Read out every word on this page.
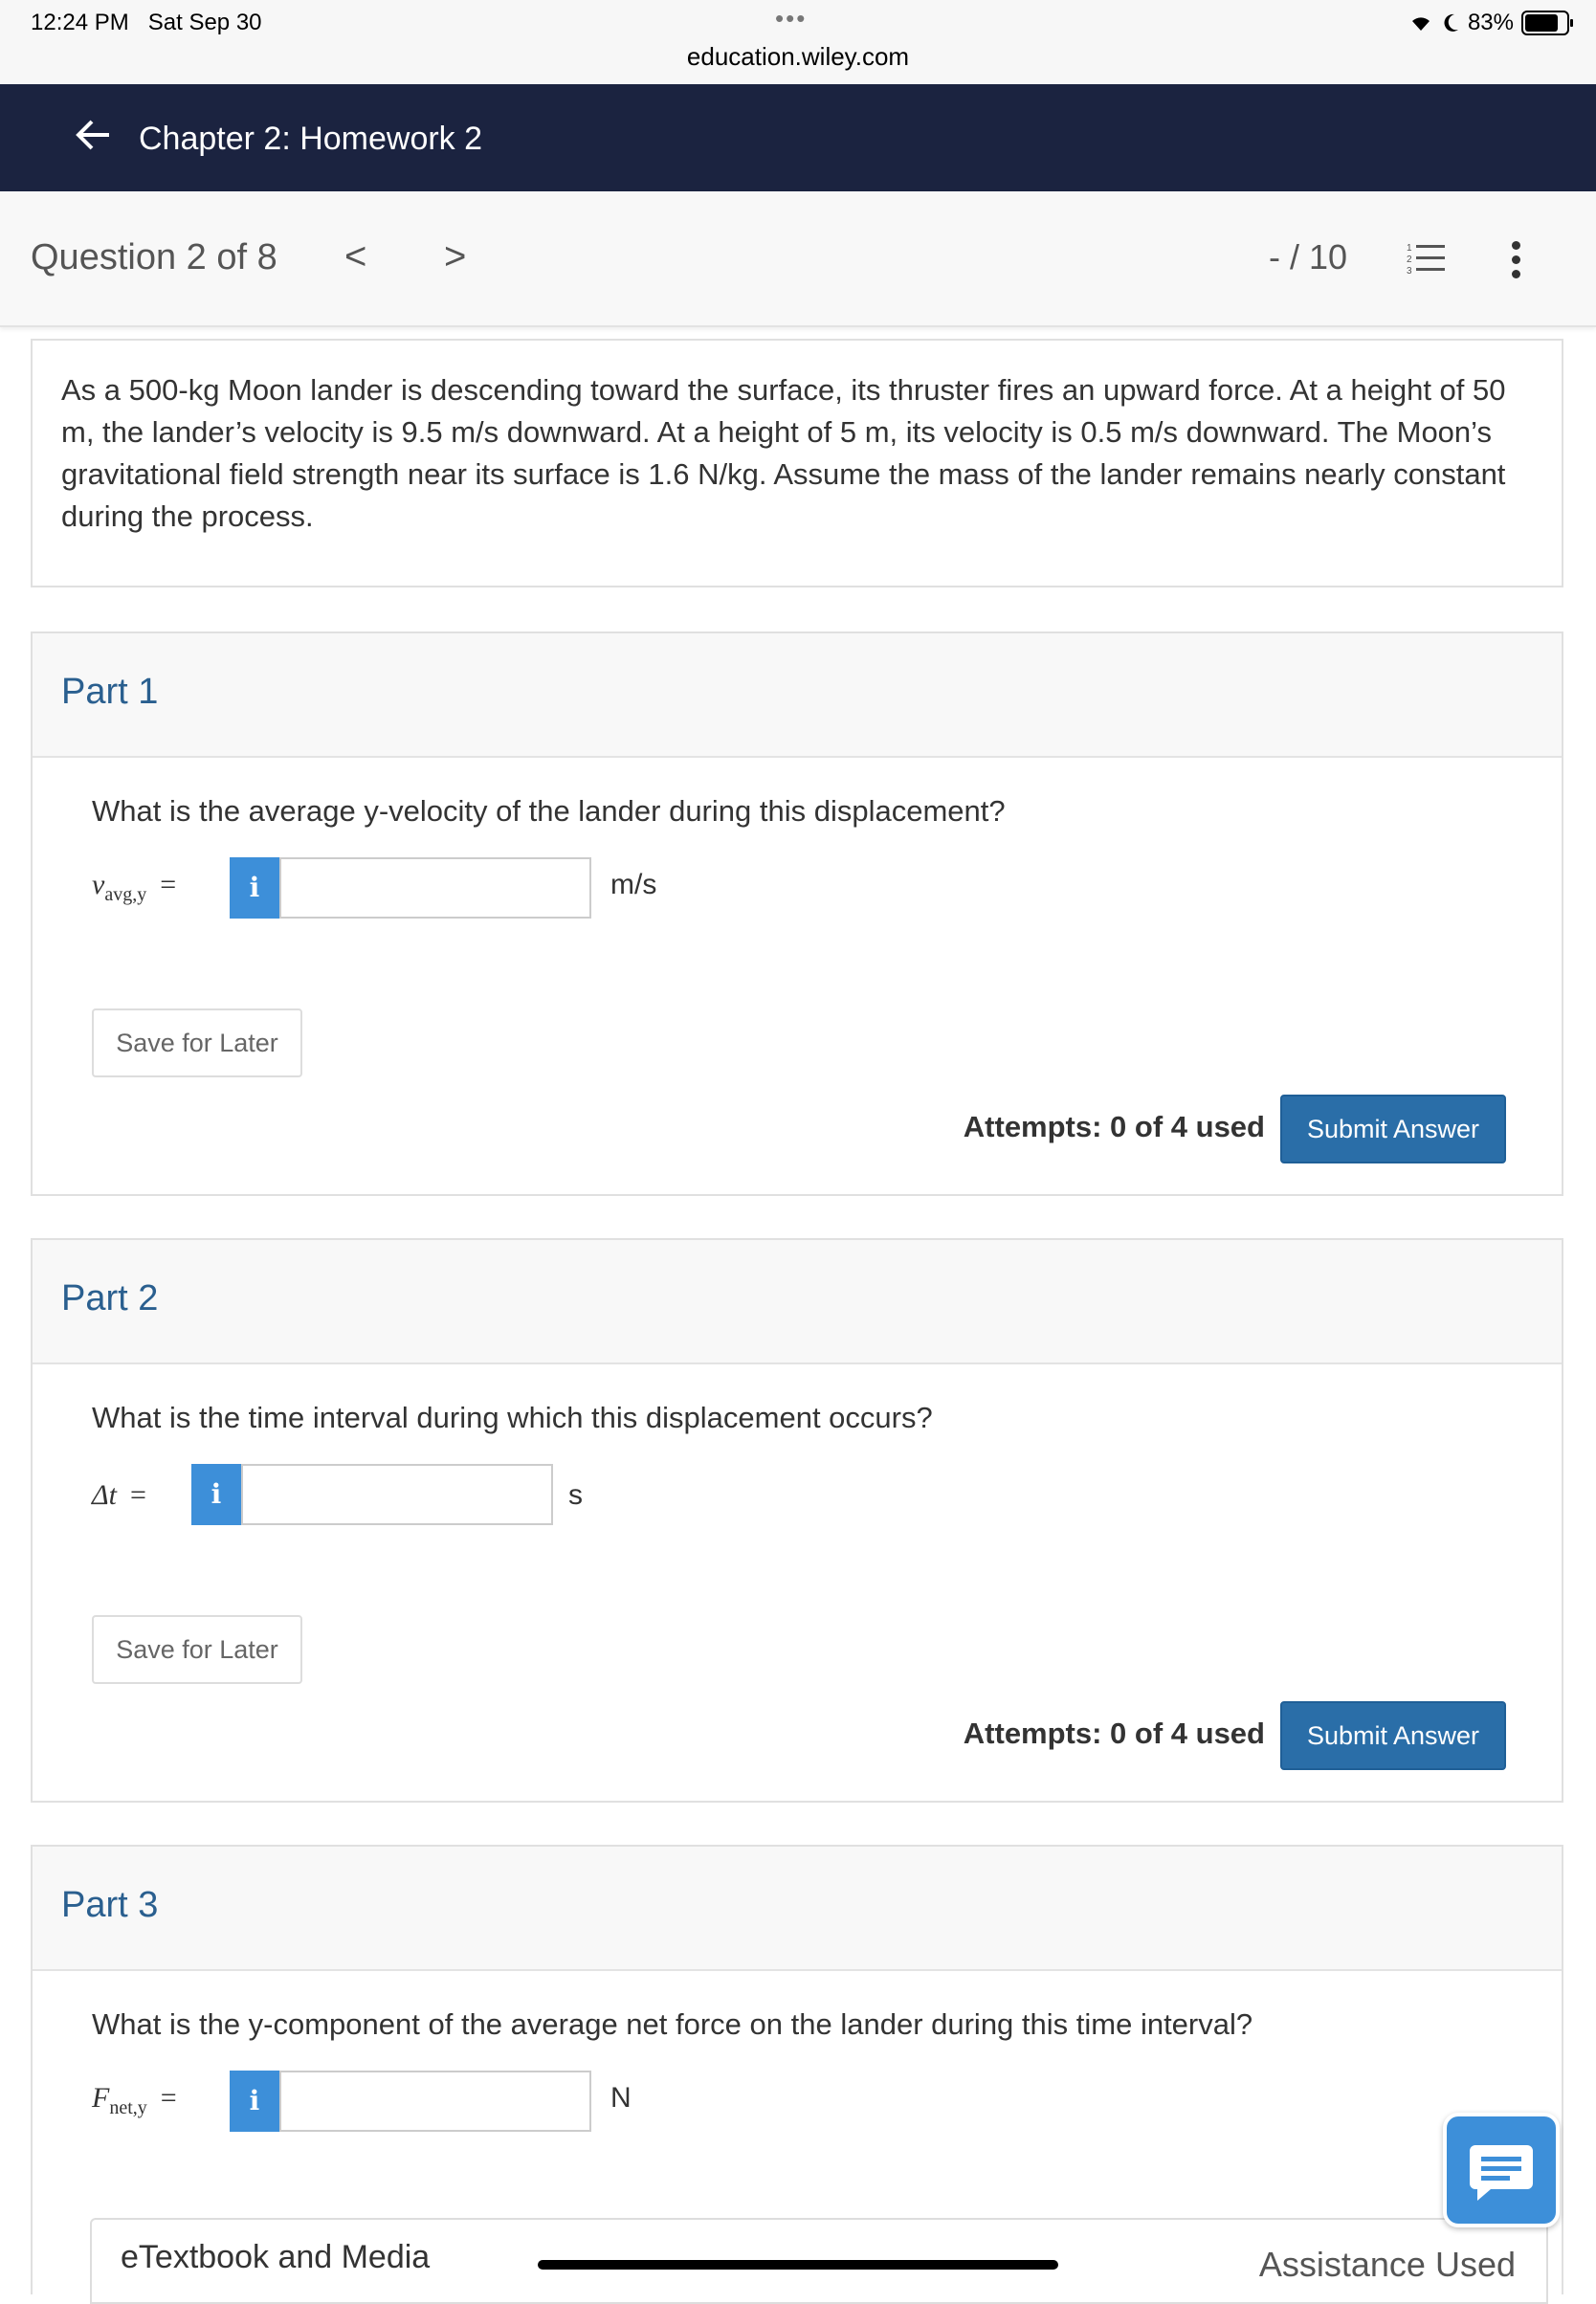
12:24 PM Sat Sep 30	•••
education.wiley.com
83%
Chapter 2: Homework 2
Question 2 of 8 < >	- / 10	1
2
3

As a 500-kg Moon lander is descending toward the surface, its thruster fires an upward force. At a height of 50 m, the lander’s velocity is 9.5 m/s downward. At a height of 5 m, its velocity is 0.5 m/s downward. The Moon’s gravitational field strength near its surface is 1.6 N/kg. Assume the mass of the lander remains nearly constant during the process.

Part 1
What is the average y-velocity of the lander during this displacement?
$v_{avg,y}$ =	i	m/s
Save for Later
Attempts: 0 of 4 used	Submit Answer
Part 2
What is the time interval during which this displacement occurs?
Δt =	i	s
Save for Later
Attempts: 0 of 4 used	Submit Answer
Part 3
What is the y-component of the average net force on the lander during this time interval?
$F_{net,y}$ =	i	N
eTextbook and Media	Assistance Used
